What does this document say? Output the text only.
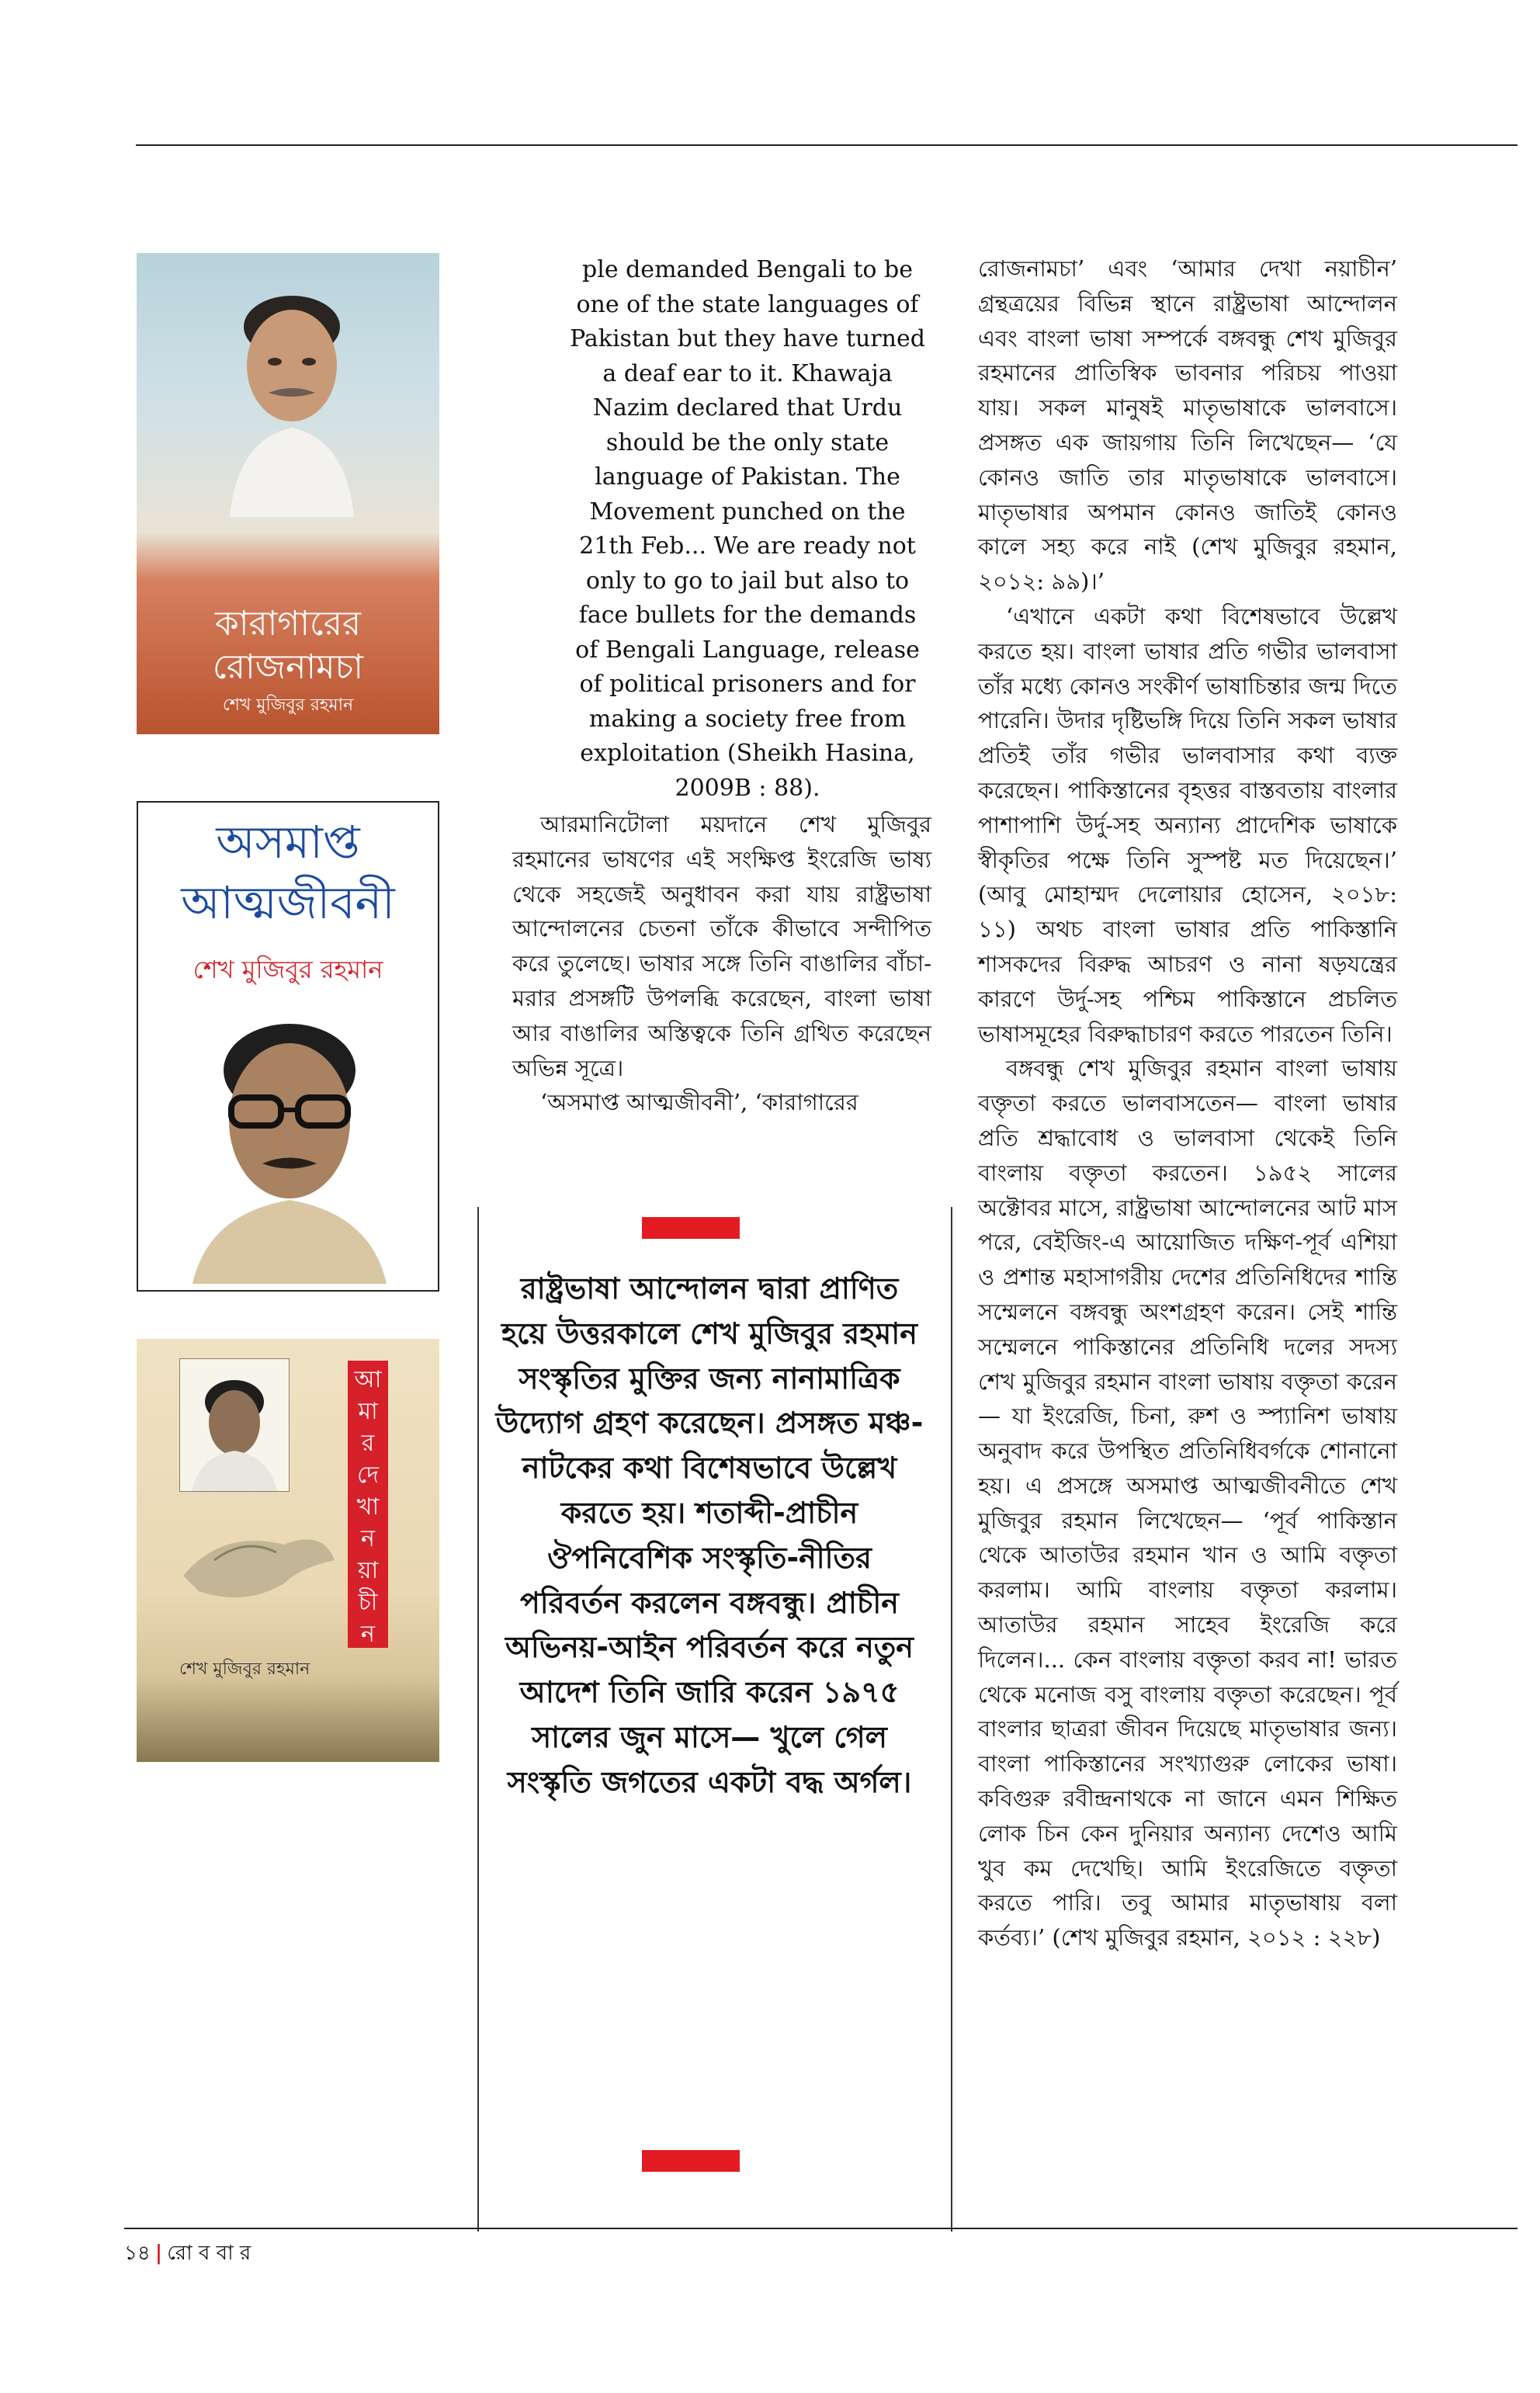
কারাগারের
রোজনামচা
শেখ মুজিবুর রহমান
অসমাপ্ত
আত্মজীবনী
শেখ মুজিবুর রহমান
আ
মা
র
দে
খা
ন
য়া
চী
ন
শেখ মুজিবুর রহমান

ple demanded Bengali to be one of the state languages of Pakistan but they have turned a deaf ear to it. Khawaja Nazim declared that Urdu should be the only state language of Pakistan. The Movement punched on the 21th Feb... We are ready not only to go to jail but also to face bullets for the demands of Bengali Language, release of political prisoners and for making a society free from exploitation (Sheikh Hasina, 2009B : 88).

আরমানিটোলা ময়দানে শেখ মুজিবুর রহমানের ভাষণের এই সংক্ষিপ্ত ইংরেজি ভাষ্য থেকে সহজেই অনুধাবন করা যায় রাষ্ট্রভাষা আন্দোলনের চেতনা তাঁকে কীভাবে সন্দীপিত করে তুলেছে। ভাষার সঙ্গে তিনি বাঙালির বাঁচা-মরার প্রসঙ্গটি উপলব্ধি করেছেন, বাংলা ভাষা আর বাঙালির অস্তিত্বকে তিনি গ্রথিত করেছেন অভিন্ন সূত্রে।

‘অসমাপ্ত আত্মজীবনী’, ‘কারাগারের

রোজনামচা’ এবং ‘আমার দেখা নয়াচীন’ গ্রন্থত্রয়ের বিভিন্ন স্থানে রাষ্ট্রভাষা আন্দোলন এবং বাংলা ভাষা সম্পর্কে বঙ্গবন্ধু শেখ মুজিবুর রহমানের প্রাতিস্বিক ভাবনার পরিচয় পাওয়া যায়। সকল মানুষই মাতৃভাষাকে ভালবাসে। প্রসঙ্গত এক জায়গায় তিনি লিখেছেন— ‘যে কোনও জাতি তার মাতৃভাষাকে ভালবাসে। মাতৃভাষার অপমান কোনও জাতিই কোনও কালে সহ্য করে নাই (শেখ মুজিবুর রহমান, ২০১২: ৯৯)।’

‘এখানে একটা কথা বিশেষভাবে উল্লেখ করতে হয়। বাংলা ভাষার প্রতি গভীর ভালবাসা তাঁর মধ্যে কোনও সংকীর্ণ ভাষাচিন্তার জন্ম দিতে পারেনি। উদার দৃষ্টিভঙ্গি দিয়ে তিনি সকল ভাষার প্রতিই তাঁর গভীর ভালবাসার কথা ব্যক্ত করেছেন। পাকিস্তানের বৃহত্তর বাস্তবতায় বাংলার পাশাপাশি উর্দু-সহ অন্যান্য প্রাদেশিক ভাষাকে স্বীকৃতির পক্ষে তিনি সুস্পষ্ট মত দিয়েছেন।’ (আবু মোহাম্মদ দেলোয়ার হোসেন, ২০১৮: ১১) অথচ বাংলা ভাষার প্রতি পাকিস্তানি শাসকদের বিরুদ্ধ আচরণ ও নানা ষড়যন্ত্রের কারণে উর্দু-সহ পশ্চিম পাকিস্তানে প্রচলিত ভাষাসমূহের বিরুদ্ধাচারণ করতে পারতেন তিনি।

বঙ্গবন্ধু শেখ মুজিবুর রহমান বাংলা ভাষায় বক্তৃতা করতে ভালবাসতেন— বাংলা ভাষার প্রতি শ্রদ্ধাবোধ ও ভালবাসা থেকেই তিনি বাংলায় বক্তৃতা করতেন। ১৯৫২ সালের অক্টোবর মাসে, রাষ্ট্রভাষা আন্দোলনের আট মাস পরে, বেইজিং-এ আয়োজিত দক্ষিণ-পূর্ব এশিয়া ও প্রশান্ত মহাসাগরীয় দেশের প্রতিনিধিদের শান্তি সম্মেলনে বঙ্গবন্ধু অংশগ্রহণ করেন। সেই শান্তি সম্মেলনে পাকিস্তানের প্রতিনিধি দলের সদস্য শেখ মুজিবুর রহমান বাংলা ভাষায় বক্তৃতা করেন— যা ইংরেজি, চিনা, রুশ ও স্প্যানিশ ভাষায় অনুবাদ করে উপস্থিত প্রতিনিধিবর্গকে শোনানো হয়। এ প্রসঙ্গে অসমাপ্ত আত্মজীবনীতে শেখ মুজিবুর রহমান লিখেছেন— ‘পূর্ব পাকিস্তান থেকে আতাউর রহমান খান ও আমি বক্তৃতা করলাম। আমি বাংলায় বক্তৃতা করলাম। আতাউর রহমান সাহেব ইংরেজি করে দিলেন।... কেন বাংলায় বক্তৃতা করব না! ভারত থেকে মনোজ বসু বাংলায় বক্তৃতা করেছেন। পূর্ব বাংলার ছাত্ররা জীবন দিয়েছে মাতৃভাষার জন্য। বাংলা পাকিস্তানের সংখ্যাগুরু লোকের ভাষা। কবিগুরু রবীন্দ্রনাথকে না জানে এমন শিক্ষিত লোক চিন কেন দুনিয়ার অন্যান্য দেশেও আমি খুব কম দেখেছি। আমি ইংরেজিতে বক্তৃতা করতে পারি। তবু আমার মাতৃভাষায় বলা কর্তব্য।’ (শেখ মুজিবুর রহমান, ২০১২ : ২২৮)

রাষ্ট্রভাষা আন্দোলন দ্বারা প্রাণিত হয়ে উত্তরকালে শেখ মুজিবুর রহমান সংস্কৃতির মুক্তির জন্য নানামাত্রিক উদ্যোগ গ্রহণ করেছেন। প্রসঙ্গত মঞ্চ-নাটকের কথা বিশেষভাবে উল্লেখ করতে হয়। শতাব্দী-প্রাচীন ঔপনিবেশিক সংস্কৃতি-নীতির পরিবর্তন করলেন বঙ্গবন্ধু। প্রাচীন অভিনয়-আইন পরিবর্তন করে নতুন আদেশ তিনি জারি করেন ১৯৭৫ সালের জুন মাসে— খুলে গেল সংস্কৃতি জগতের একটা বদ্ধ অর্গল।

১৪ | রো ব বা র
